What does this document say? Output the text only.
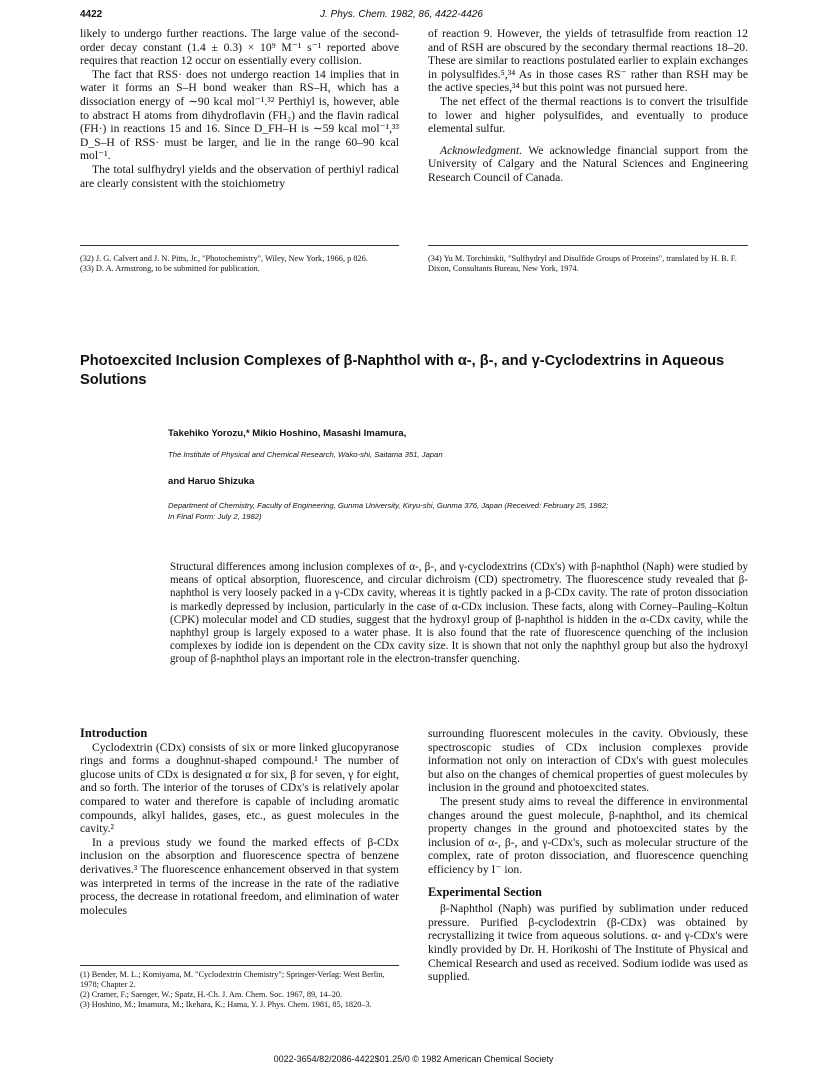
4422	J. Phys. Chem. 1982, 86, 4422-4426

likely to undergo further reactions. The large value of the second-order decay constant (1.4 ± 0.3) × 10⁹ M⁻¹ s⁻¹ reported above requires that reaction 12 occur on essentially every collision.

The fact that RSS· does not undergo reaction 14 implies that in water it forms an S–H bond weaker than RS–H, which has a dissociation energy of ∼90 kcal mol⁻¹.³² Perthiyl is, however, able to abstract H atoms from dihydroflavin (FH₂) and the flavin radical (FH·) in reactions 15 and 16. Since D_FH–H is ∼59 kcal mol⁻¹,³³ D_S–H of RSS· must be larger, and lie in the range 60–90 kcal mol⁻¹.

The total sulfhydryl yields and the observation of perthiyl radical are clearly consistent with the stoichiometry

of reaction 9. However, the yields of tetrasulfide from reaction 12 and of RSH are obscured by the secondary thermal reactions 18–20. These are similar to reactions postulated earlier to explain exchanges in polysulfides.⁵,³⁴ As in those cases RS⁻ rather than RSH may be the active species,³⁴ but this point was not pursued here.

The net effect of the thermal reactions is to convert the trisulfide to lower and higher polysulfides, and eventually to produce elemental sulfur.

Acknowledgment. We acknowledge financial support from the University of Calgary and the Natural Sciences and Engineering Research Council of Canada.

(32) J. G. Calvert and J. N. Pitts, Jr., "Photochemistry", Wiley, New York, 1966, p 826.
(33) D. A. Armstrong, to be submitted for publication.
(34) Yu M. Torchinskii, "Sulfhydryl and Disulfide Groups of Proteins", translated by H. B. F. Dixon, Consultants Bureau, New York, 1974.
Photoexcited Inclusion Complexes of β-Naphthol with α-, β-, and γ-Cyclodextrins in Aqueous Solutions
Takehiko Yorozu,* Mikio Hoshino, Masashi Imamura,
The Institute of Physical and Chemical Research, Wako-shi, Saitama 351, Japan
and Haruo Shizuka
Department of Chemistry, Faculty of Engineering, Gunma University, Kiryu-shi, Gunma 376, Japan (Received: February 25, 1982;
In Final Form: July 2, 1982)
Structural differences among inclusion complexes of α-, β-, and γ-cyclodextrins (CDx's) with β-naphthol (Naph) were studied by means of optical absorption, fluorescence, and circular dichroism (CD) spectrometry. The fluorescence study revealed that β-naphthol is very loosely packed in a γ-CDx cavity, whereas it is tightly packed in a β-CDx cavity. The rate of proton dissociation is markedly depressed by inclusion, particularly in the case of α-CDx inclusion. These facts, along with Corney–Pauling–Koltun (CPK) molecular model and CD studies, suggest that the hydroxyl group of β-naphthol is hidden in the α-CDx cavity, while the naphthyl group is largely exposed to a water phase. It is also found that the rate of fluorescence quenching of the inclusion complexes by iodide ion is dependent on the CDx cavity size. It is shown that not only the naphthyl group but also the hydroxyl group of β-naphthol plays an important role in the electron-transfer quenching.
Introduction

Cyclodextrin (CDx) consists of six or more linked glucopyranose rings and forms a doughnut-shaped compound.¹ The number of glucose units of CDx is designated α for six, β for seven, γ for eight, and so forth. The interior of the toruses of CDx's is relatively apolar compared to water and therefore is capable of including aromatic compounds, alkyl halides, gases, etc., as guest molecules in the cavity.²

In a previous study we found the marked effects of β-CDx inclusion on the absorption and fluorescence spectra of benzene derivatives.³ The fluorescence enhancement observed in that system was interpreted in terms of the increase in the rate of the radiative process, the decrease in rotational freedom, and elimination of water molecules

(1) Bender, M. L.; Komiyama, M. "Cyclodextrin Chemistry"; Springer-Verlag: West Berlin, 1978; Chapter 2.
(2) Cramer, F.; Saenger, W.; Spatz, H.-Ch. J. Am. Chem. Soc. 1967, 89, 14–20.
(3) Hoshino, M.; Imamura, M.; Ikehara, K.; Hama, Y. J. Phys. Chem. 1981, 85, 1820–3.

surrounding fluorescent molecules in the cavity. Obviously, these spectroscopic studies of CDx inclusion complexes provide information not only on interaction of CDx's with guest molecules but also on the changes of chemical properties of guest molecules by inclusion in the ground and photoexcited states.

The present study aims to reveal the difference in environmental changes around the guest molecule, β-naphthol, and its chemical property changes in the ground and photoexcited states by the inclusion of α-, β-, and γ-CDx's, such as molecular structure of the complex, rate of proton dissociation, and fluorescence quenching efficiency by I⁻ ion.

Experimental Section

β-Naphthol (Naph) was purified by sublimation under reduced pressure. Purified β-cyclodextrin (β-CDx) was obtained by recrystallizing it twice from aqueous solutions. α- and γ-CDx's were kindly provided by Dr. H. Horikoshi of The Institute of Physical and Chemical Research and used as received. Sodium iodide was used as supplied.

0022-3654/82/2086-4422$01.25/0 © 1982 American Chemical Society
